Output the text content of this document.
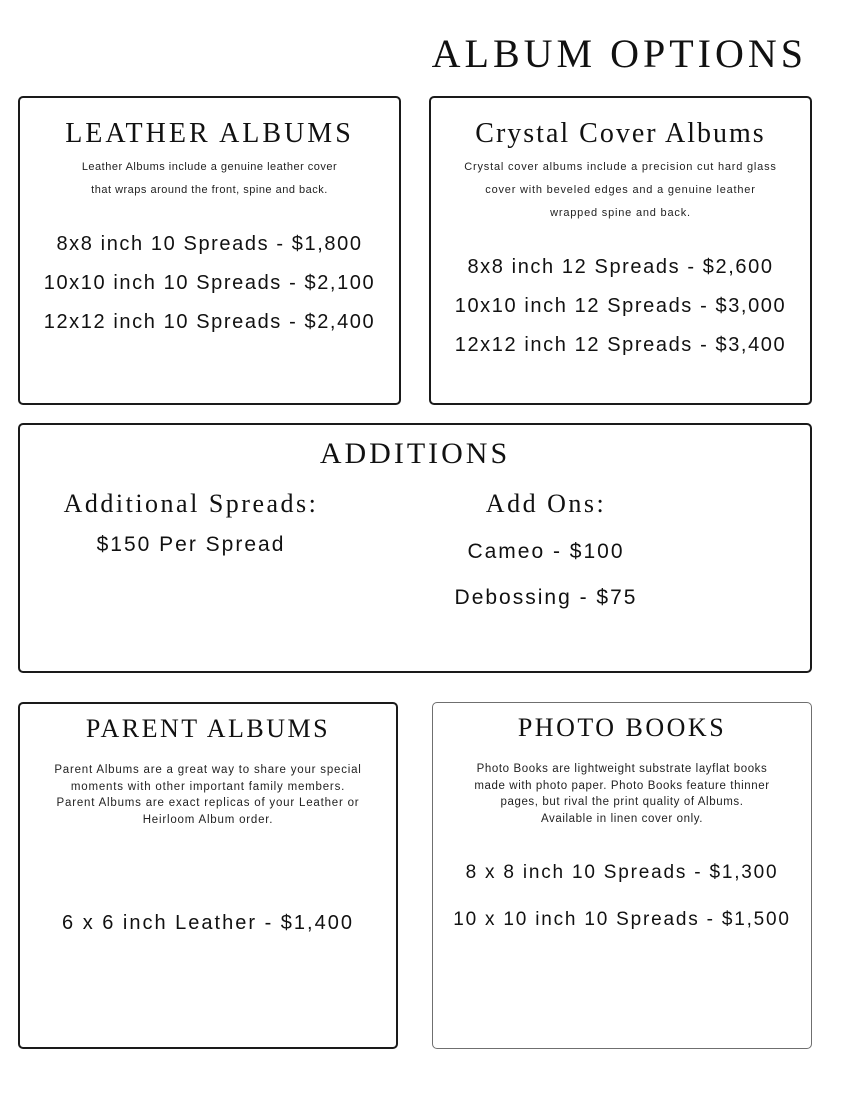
ALBUM OPTIONS
LEATHER ALBUMS
Leather Albums include a genuine leather cover
that wraps around the front, spine and back.
8x8 inch 10 Spreads - $1,800
10x10 inch 10 Spreads - $2,100
12x12 inch 10 Spreads - $2,400
Crystal Cover Albums
Crystal cover albums include a precision cut hard glass
cover with beveled edges and a genuine leather
wrapped spine and back.
8x8 inch 12 Spreads - $2,600
10x10 inch 12 Spreads - $3,000
12x12 inch 12 Spreads - $3,400
ADDITIONS
Additional Spreads:
$150 Per Spread
Add Ons:
Cameo - $100
Debossing - $75
PARENT ALBUMS
Parent Albums are a great way to share your special
moments with other important family members.
Parent Albums are exact replicas of your Leather or
Heirloom Album order.
6 x 6 inch Leather - $1,400
PHOTO BOOKS
Photo Books are lightweight substrate layflat books
made with photo paper. Photo Books feature thinner
pages, but rival the print quality of Albums.
Available in linen cover only.
8 x 8 inch 10 Spreads - $1,300
10 x 10 inch 10 Spreads - $1,500
